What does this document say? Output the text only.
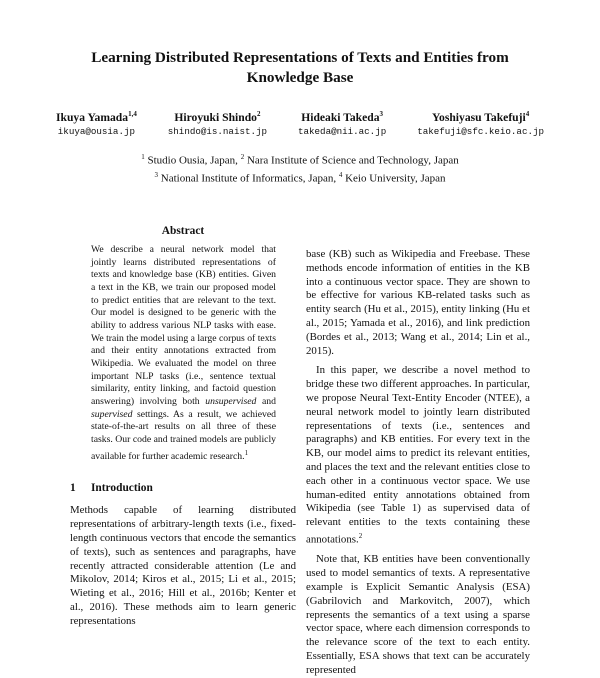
Learning Distributed Representations of Texts and Entities from Knowledge Base
Ikuya Yamada$^{1,4}$
ikuya@ousia.jp
Hiroyuki Shindo$^2$
shindo@is.naist.jp
Hideaki Takeda$^3$
takeda@nii.ac.jp
Yoshiyasu Takefuji$^4$
takefuji@sfc.keio.ac.jp
$^1$ Studio Ousia, Japan, $^2$ Nara Institute of Science and Technology, Japan
$^3$ National Institute of Informatics, Japan, $^4$ Keio University, Japan
Abstract
We describe a neural network model that jointly learns distributed representations of texts and knowledge base (KB) entities. Given a text in the KB, we train our proposed model to predict entities that are relevant to the text. Our model is designed to be generic with the ability to address various NLP tasks with ease. We train the model using a large corpus of texts and their entity annotations extracted from Wikipedia. We evaluated the model on three important NLP tasks (i.e., sentence textual similarity, entity linking, and factoid question answering) involving both unsupervised and supervised settings. As a result, we achieved state-of-the-art results on all three of these tasks. Our code and trained models are publicly available for further academic research.$^1$
1	Introduction

Methods capable of learning distributed representations of arbitrary-length texts (i.e., fixed-length continuous vectors that encode the semantics of texts), such as sentences and paragraphs, have recently attracted considerable attention (Le and Mikolov, 2014; Kiros et al., 2015; Li et al., 2015; Wieting et al., 2016; Hill et al., 2016b; Kenter et al., 2016). These methods aim to learn generic representations

base (KB) such as Wikipedia and Freebase. These methods encode information of entities in the KB into a continuous vector space. They are shown to be effective for various KB-related tasks such as entity search (Hu et al., 2015), entity linking (Hu et al., 2015; Yamada et al., 2016), and link prediction (Bordes et al., 2013; Wang et al., 2014; Lin et al., 2015).

In this paper, we describe a novel method to bridge these two different approaches. In particular, we propose Neural Text-Entity Encoder (NTEE), a neural network model to jointly learn distributed representations of texts (i.e., sentences and paragraphs) and KB entities. For every text in the KB, our model aims to predict its relevant entities, and places the text and the relevant entities close to each other in a continuous vector space. We use human-edited entity annotations obtained from Wikipedia (see Table 1) as supervised data of relevant entities to the texts containing these annotations.$^2$

Note that, KB entities have been conventionally used to model semantics of texts. A representative example is Explicit Semantic Analysis (ESA) (Gabrilovich and Markovitch, 2007), which represents the semantics of a text using a sparse vector space, where each dimension corresponds to the relevance score of the text to each entity. Essentially, ESA shows that text can be accurately represented
